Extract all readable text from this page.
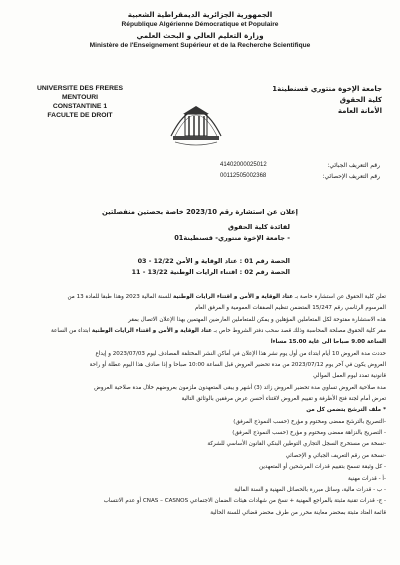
الجمهورية الجزائرية الديمقراطية الشعبية
République Algérienne Démocratique et Populaire
وزارة التعليم العالي و البحث العلمي
Ministère de l'Enseignement Supérieur et de la Recherche Scientifique
UNIVERSITE DES FRERES MENTOURI
CONSTANTINE 1
FACULTE DE DROIT
جامعة الإخوة منتوري قسنطينة1
كلية الحقوق
الأمانة العامة
رقم التعريف الجبائي:
41402000025012
رقم التعريف الإحصائي:
00112505002368
إعلان عن استشارة رقم 2023/10 خاصة بحصتين منفصلتين
لفائدة كلية الحقوق
- جامعة الإخوة منتوري- قسنطينة01
الحصة رقم 01 : عتاد الوقاية و الأمن 12/22 - 03
الحصة رقم 02 : اقتناء الرايات الوطنية 13/22 - 11

تعلن كلية الحقوق عن استشارة خاصة بـ عتاد الوقاية و الأمن و اقتناء الرايات الوطنية للسنة المالية 2023 وهذا طبقا للمادة 13 من

المرسوم الرئاسي رقم 15/247 المتضمن تنظيم الصفقات العمومية و المرفق العام

هذه الاستشارة مفتوحة لكل المتعاملين المؤهلين و يمكن للمتعاملين العارضين المهتمين بهذا الإعلان الاتصال بمقر

مقر كلية الحقوق مصلحة المحاسبة وذلك قصد سحب دفتر الشروط خاص بـ عتاد الوقاية و الأمن و اقتناء الرايات الوطنية ابتداء من الساعة

الساعة 9.00 صباحا الى غاية 15.00 مساءا

حددت مدة العروض 10 أيام ابتداء من أول يوم نشر هذا الإعلان في أماكن النشر المختلفة المصادف ليوم 2023/07/03 و إيداع

العروض يكون في آخر يوم 2023/07/12 من مدة تحضير العروض قبل الساعة 10:00 صباحا و إذا صادف هذا اليوم عطلة أو راحة

قانونية تمدد ليوم العمل الموالي

مدة صلاحية العروض تساوي مدة تحضير العروض زائد (3) أشهر و يبقى المتعهدون ملزمون بعروضهم خلال مدة صلاحية العروض

تعرض أمام لجنة فتح الأظرفة و تقييم العروض لاقتناء أحسن عرض مرفقين بالوثائق التالية

* ملف الترشح يتضمن كل من

-التصريح بالترشح ممضى ومختوم و مؤرخ (حسب النموذج المرفق)

- التصريح بالنزاهة ممضى ومختوم و مؤرخ (حسب النموذج المرفق)

-نسخة من مستخرج السجل التجاري التوطين البنكي القانون الأساسي للشركة

-نسخة من رقم التعريف الجبائي و الإحصائي

- كل وثيقة تسمح بتقييم قدرات المرشحين أو المتعهدين

-أ - قدرات مهنية

- ب - قدرات مالية، وسائل مبررة بالحصائل المهنية و السنة المالية

- ج- قدرات تقنية مثبتة بالمراجع المهنية + نسخ من شهادات هيئات الضمان الاجتماعي CNAS – CASNOS أو عدم الانتساب

قائمة العتاد مثبتة بمحضر معاينة محرر من طرف محضر قضائي للسنة الحالية
